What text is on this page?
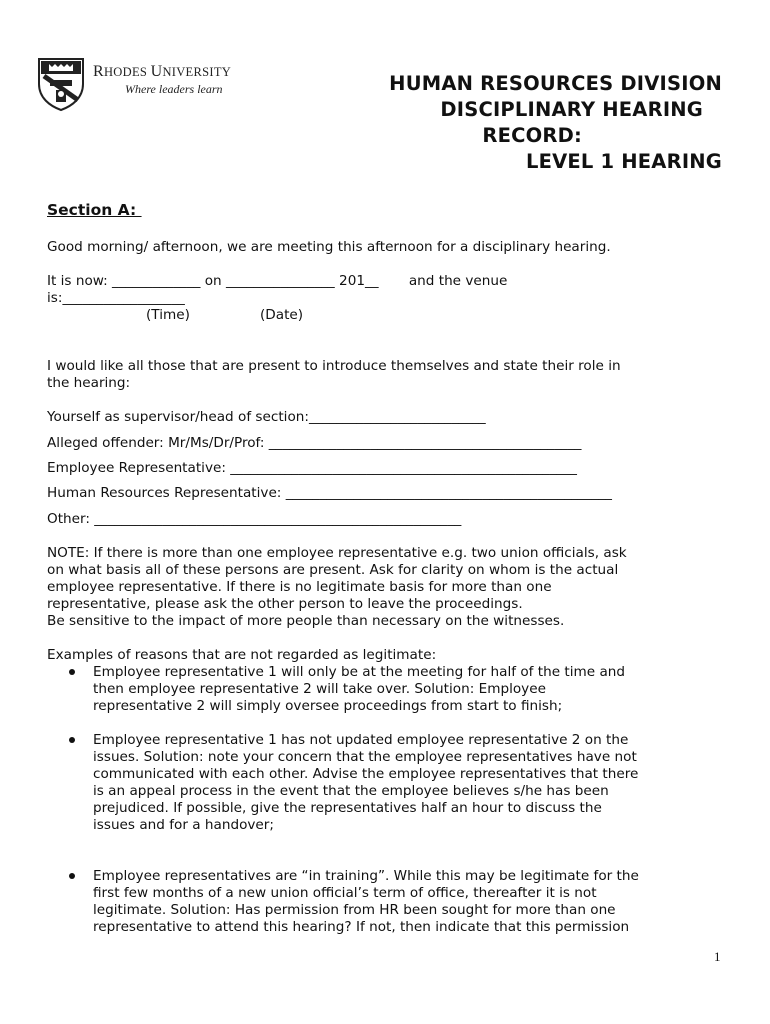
RHODES UNIVERSITY
Where leaders learn	HUMAN RESOURCES DIVISION
DISCIPLINARY HEARING
RECORD:
LEVEL 1 HEARING
Section A:
Good morning/ afternoon, we are meeting this afternoon for a disciplinary hearing.
It is now: _____________ on ________________ 201__       and the venue
is:__________________
(Time)	(Date)
I would like all those that are present to introduce themselves and state their role in
the hearing:
Yourself as supervisor/head of section:__________________________
Alleged offender: Mr/Ms/Dr/Prof: ______________________________________________
Employee Representative: ___________________________________________________
Human Resources Representative: ________________________________________________
Other: ______________________________________________________
NOTE: If there is more than one employee representative e.g. two union officials, ask
on what basis all of these persons are present. Ask for clarity on whom is the actual
employee representative. If there is no legitimate basis for more than one
representative, please ask the other person to leave the proceedings.
Be sensitive to the impact of more people than necessary on the witnesses.
Examples of reasons that are not regarded as legitimate:
Employee representative 1 will only be at the meeting for half of the time and
then employee representative 2 will take over. Solution: Employee
representative 2 will simply oversee proceedings from start to finish;
Employee representative 1 has not updated employee representative 2 on the
issues. Solution: note your concern that the employee representatives have not
communicated with each other. Advise the employee representatives that there
is an appeal process in the event that the employee believes s/he has been
prejudiced. If possible, give the representatives half an hour to discuss the
issues and for a handover;
Employee representatives are “in training”. While this may be legitimate for the
first few months of a new union official’s term of office, thereafter it is not
legitimate. Solution: Has permission from HR been sought for more than one
representative to attend this hearing? If not, then indicate that this permission
1
